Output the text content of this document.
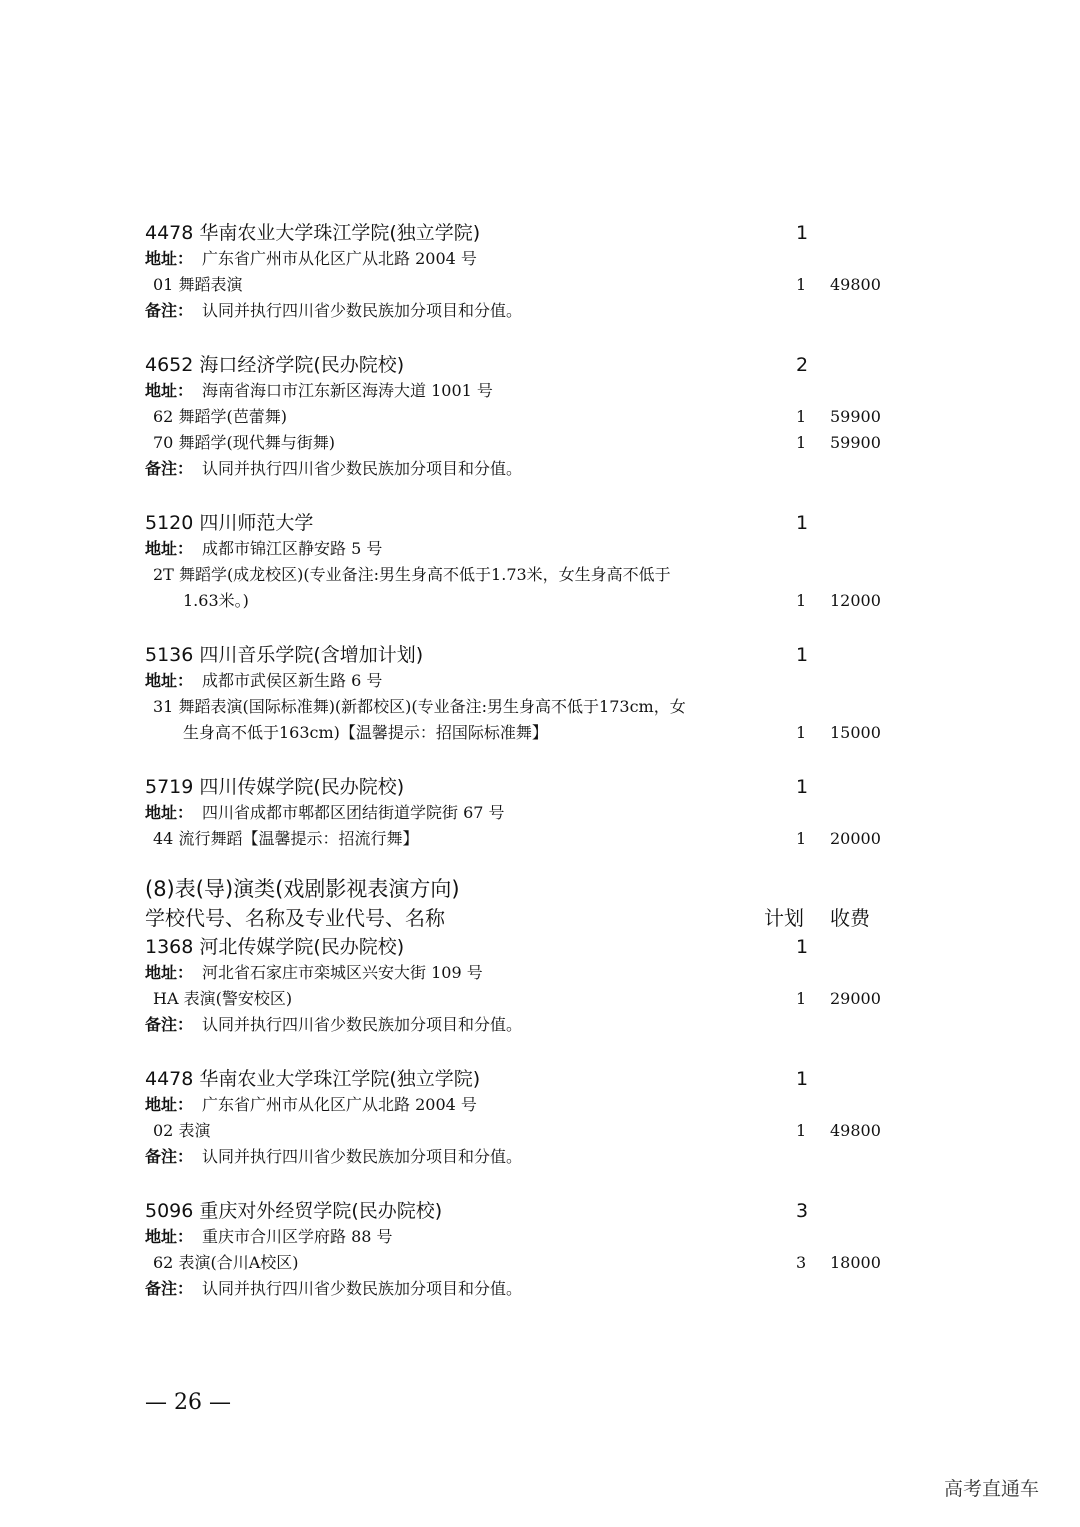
4478 华南农业大学珠江学院(独立学院)	1
地址： 广东省广州市从化区广从北路 2004 号
01 舞蹈表演	1 49800
备注： 认同并执行四川省少数民族加分项目和分值。
4652 海口经济学院(民办院校)	2
地址： 海南省海口市江东新区海涛大道 1001 号
62 舞蹈学(芭蕾舞)	1 59900
70 舞蹈学(现代舞与街舞)	1 59900
备注： 认同并执行四川省少数民族加分项目和分值。
5120 四川师范大学	1
地址： 成都市锦江区静安路 5 号
2T 舞蹈学(成龙校区)(专业备注:男生身高不低于1.73米，女生身高不低于
1.63米。)	1 12000
5136 四川音乐学院(含增加计划)	1
地址： 成都市武侯区新生路 6 号
31 舞蹈表演(国际标准舞)(新都校区)(专业备注:男生身高不低于173cm，女
生身高不低于163cm)【温馨提示：招国际标准舞】	1 15000
5719 四川传媒学院(民办院校)	1
地址： 四川省成都市郫都区团结街道学院街 67 号
44 流行舞蹈【温馨提示：招流行舞】	1 20000
(8)表(导)演类(戏剧影视表演方向)
学校代号、名称及专业代号、名称	计划 收费
1368 河北传媒学院(民办院校)	1
地址： 河北省石家庄市栾城区兴安大街 109 号
HA 表演(警安校区)	1 29000
备注： 认同并执行四川省少数民族加分项目和分值。
4478 华南农业大学珠江学院(独立学院)	1
地址： 广东省广州市从化区广从北路 2004 号
02 表演	1 49800
备注： 认同并执行四川省少数民族加分项目和分值。
5096 重庆对外经贸学院(民办院校)	3
地址： 重庆市合川区学府路 88 号
62 表演(合川A校区)	3 18000
备注： 认同并执行四川省少数民族加分项目和分值。
— 26 —
高考直通车
